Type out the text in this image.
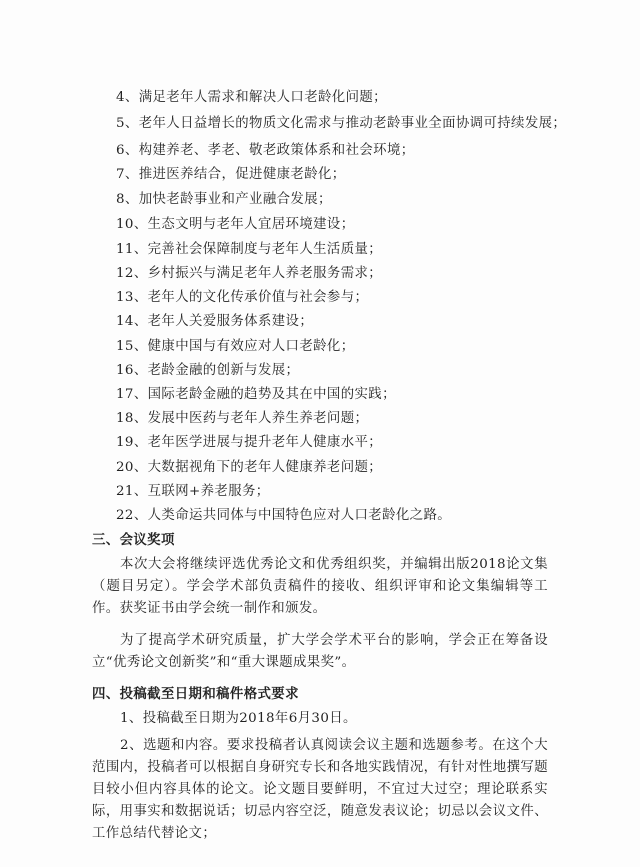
4、满足老年人需求和解决人口老龄化问题；
5、老年人日益增长的物质文化需求与推动老龄事业全面协调可持续发展；
6、构建养老、孝老、敬老政策体系和社会环境；
7、推进医养结合，促进健康老龄化；
8、加快老龄事业和产业融合发展；
10、生态文明与老年人宜居环境建设；
11、完善社会保障制度与老年人生活质量；
12、乡村振兴与满足老年人养老服务需求；
13、老年人的文化传承价值与社会参与；
14、老年人关爱服务体系建设；
15、健康中国与有效应对人口老龄化；
16、老龄金融的创新与发展；
17、国际老龄金融的趋势及其在中国的实践；
18、发展中医药与老年人养生养老问题；
19、老年医学进展与提升老年人健康水平；
20、大数据视角下的老年人健康养老问题；
21、互联网+养老服务；
22、人类命运共同体与中国特色应对人口老龄化之路。
三、会议奖项
本次大会将继续评选优秀论文和优秀组织奖，并编辑出版2018论文集（题目另定）。学会学术部负责稿件的接收、组织评审和论文集编辑等工作。获奖证书由学会统一制作和颁发。
为了提高学术研究质量，扩大学会学术平台的影响，学会正在筹备设立“优秀论文创新奖”和“重大课题成果奖”。
四、投稿截至日期和稿件格式要求
1、投稿截至日期为2018年6月30日。
2、选题和内容。要求投稿者认真阅读会议主题和选题参考。在这个大范围内，投稿者可以根据自身研究专长和各地实践情况，有针对性地撰写题目较小但内容具体的论文。论文题目要鲜明，不宜过大过空；理论联系实际，用事实和数据说话；切忌内容空泛，随意发表议论；切忌以会议文件、工作总结代替论文；
